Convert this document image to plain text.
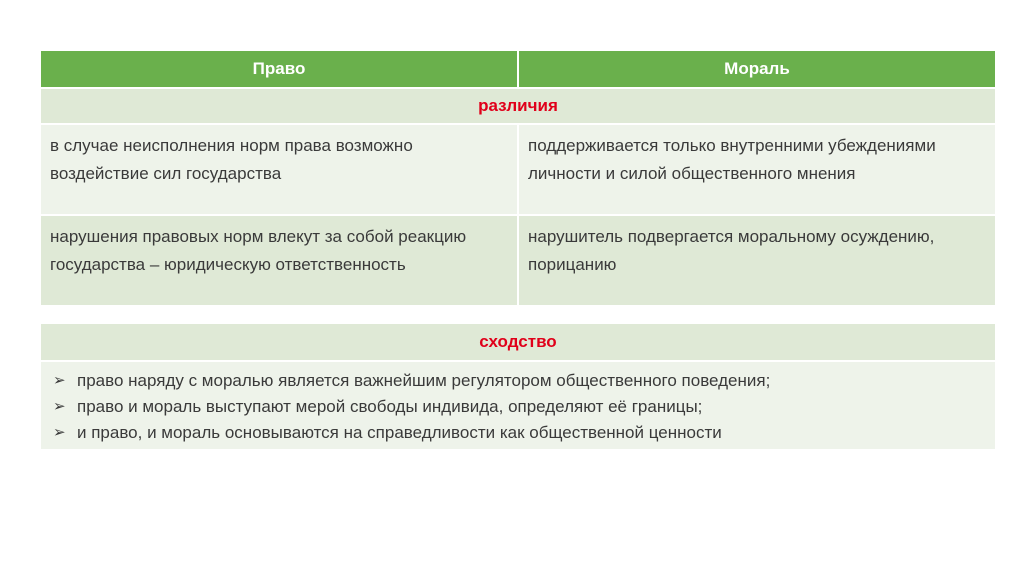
Право	Мораль
различия
в случае неисполнения норм права возможно воздействие сил государства
поддерживается только внутренними убеждениями личности и силой общественного мнения
нарушения правовых норм влекут за собой реакцию государства – юридическую ответственность
нарушитель подвергается моральному осуждению, порицанию
сходство
➢ право наряду с моралью является важнейшим регулятором общественного поведения;
➢ право и мораль выступают мерой свободы индивида, определяют её границы;
➢ и право, и мораль основываются на справедливости как общественной ценности
